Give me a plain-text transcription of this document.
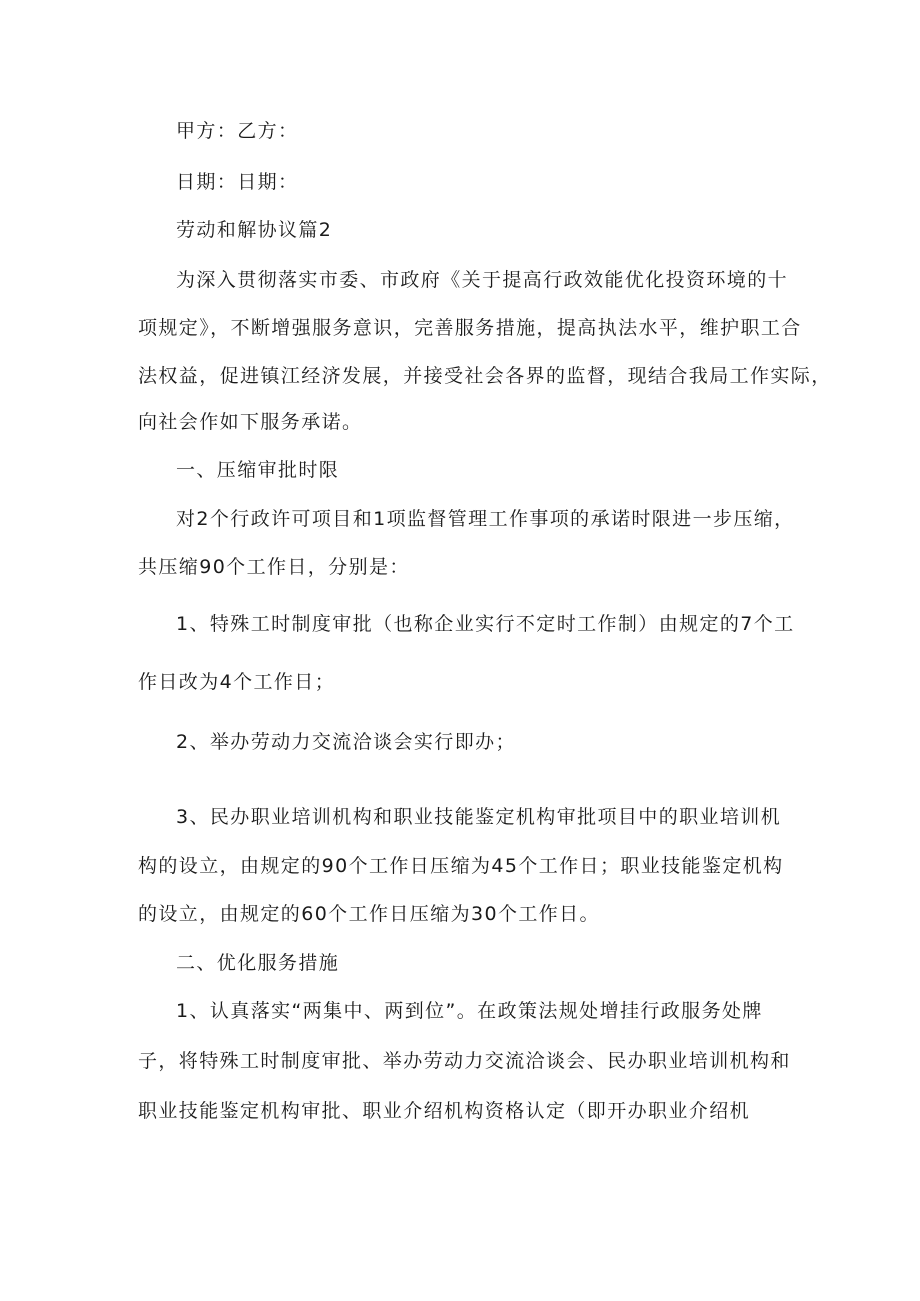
甲方：乙方：
日期：日期：
劳动和解协议篇2
为深入贯彻落实市委、市政府《关于提高行政效能优化投资环境的十
项规定》，不断增强服务意识，完善服务措施，提高执法水平，维护职工合
法权益，促进镇江经济发展，并接受社会各界的监督，现结合我局工作实际，
向社会作如下服务承诺。
一、压缩审批时限
对2个行政许可项目和1项监督管理工作事项的承诺时限进一步压缩，
共压缩90个工作日，分别是：
1、特殊工时制度审批（也称企业实行不定时工作制）由规定的7个工
作日改为4个工作日；
2、举办劳动力交流洽谈会实行即办；
3、民办职业培训机构和职业技能鉴定机构审批项目中的职业培训机
构的设立，由规定的90个工作日压缩为45个工作日；职业技能鉴定机构
的设立，由规定的60个工作日压缩为30个工作日。
二、优化服务措施
1、认真落实“两集中、两到位”。在政策法规处增挂行政服务处牌
子，将特殊工时制度审批、举办劳动力交流洽谈会、民办职业培训机构和
职业技能鉴定机构审批、职业介绍机构资格认定（即开办职业介绍机
